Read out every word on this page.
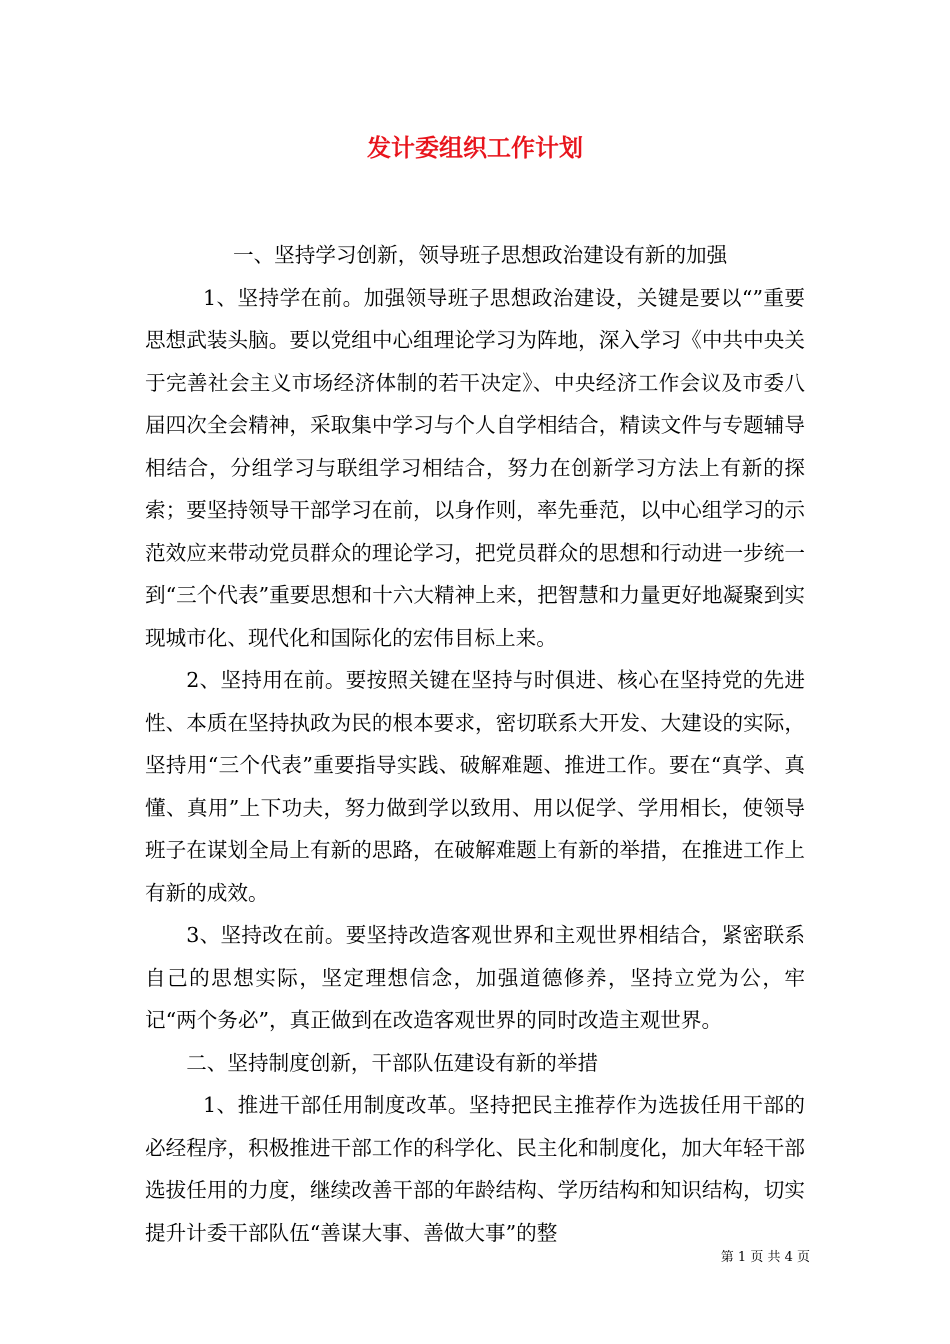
发计委组织工作计划

一、坚持学习创新，领导班子思想政治建设有新的加强

1、坚持学在前。加强领导班子思想政治建设，关键是要以“”重要思想武装头脑。要以党组中心组理论学习为阵地，深入学习《中共中央关于完善社会主义市场经济体制的若干决定》、中央经济工作会议及市委八届四次全会精神，采取集中学习与个人自学相结合，精读文件与专题辅导相结合，分组学习与联组学习相结合，努力在创新学习方法上有新的探索；要坚持领导干部学习在前，以身作则，率先垂范，以中心组学习的示范效应来带动党员群众的理论学习，把党员群众的思想和行动进一步统一到“三个代表”重要思想和十六大精神上来，把智慧和力量更好地凝聚到实现城市化、现代化和国际化的宏伟目标上来。

2、坚持用在前。要按照关键在坚持与时俱进、核心在坚持党的先进性、本质在坚持执政为民的根本要求，密切联系大开发、大建设的实际，坚持用“三个代表”重要指导实践、破解难题、推进工作。要在“真学、真懂、真用”上下功夫，努力做到学以致用、用以促学、学用相长，使领导班子在谋划全局上有新的思路，在破解难题上有新的举措，在推进工作上有新的成效。

3、坚持改在前。要坚持改造客观世界和主观世界相结合，紧密联系自己的思想实际，坚定理想信念，加强道德修养，坚持立党为公，牢记“两个务必”，真正做到在改造客观世界的同时改造主观世界。

二、坚持制度创新，干部队伍建设有新的举措

1、推进干部任用制度改革。坚持把民主推荐作为选拔任用干部的必经程序，积极推进干部工作的科学化、民主化和制度化，加大年轻干部选拔任用的力度，继续改善干部的年龄结构、学历结构和知识结构，切实提升计委干部队伍“善谋大事、善做大事”的整

第 1 页 共 4 页
